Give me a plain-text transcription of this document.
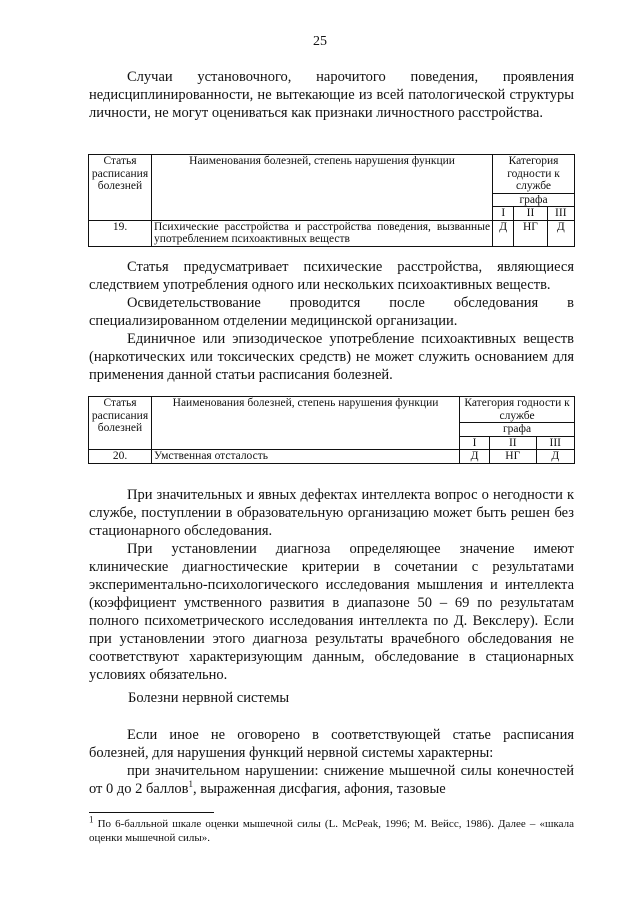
25

Случаи установочного, нарочитого поведения, проявления недисциплинированности, не вытекающие из всей патологической структуры личности, не могут оцениваться как признаки личностного расстройства.

Статья расписания болезней	Наименования болезней, степень нарушения функции	Категория годности к службе		
		графа		
		I	II	III
19.	Психические расстройства и расстройства поведения, вызванные употреблением психоактивных веществ	Д	НГ	Д

Статья предусматривает психические расстройства, являющиеся следствием употребления одного или нескольких психоактивных веществ.

Освидетельствование проводится после обследования в специализированном отделении медицинской организации.

Единичное или эпизодическое употребление психоактивных веществ (наркотических или токсических средств) не может служить основанием для применения данной статьи расписания болезней.

Статья расписания болезней	Наименования болезней, степень нарушения функции	Категория годности к службе		
		графа		
		I	II	III
20.	Умственная отсталость	Д	НГ	Д

При значительных и явных дефектах интеллекта вопрос о негодности к службе, поступлении в образовательную организацию может быть решен без стационарного обследования.

При установлении диагноза определяющее значение имеют клинические диагностические критерии в сочетании с результатами экспериментально-психологического исследования мышления и интеллекта (коэффициент умственного развития в диапазоне 50 – 69 по результатам полного психометрического исследования интеллекта по Д. Векслеру). Если при установлении этого диагноза результаты врачебного обследования не соответствуют характеризующим данным, обследование в стационарных условиях обязательно.

Болезни нервной системы

Если иное не оговорено в соответствующей статье расписания болезней, для нарушения функций нервной системы характерны:

при значительном нарушении: снижение мышечной силы конечностей от 0 до 2 баллов$^1$, выраженная дисфагия, афония, тазовые

$^1$ По 6-балльной шкале оценки мышечной силы (L. McPeak, 1996; М. Вейсс, 1986). Далее – «шкала оценки мышечной силы».
